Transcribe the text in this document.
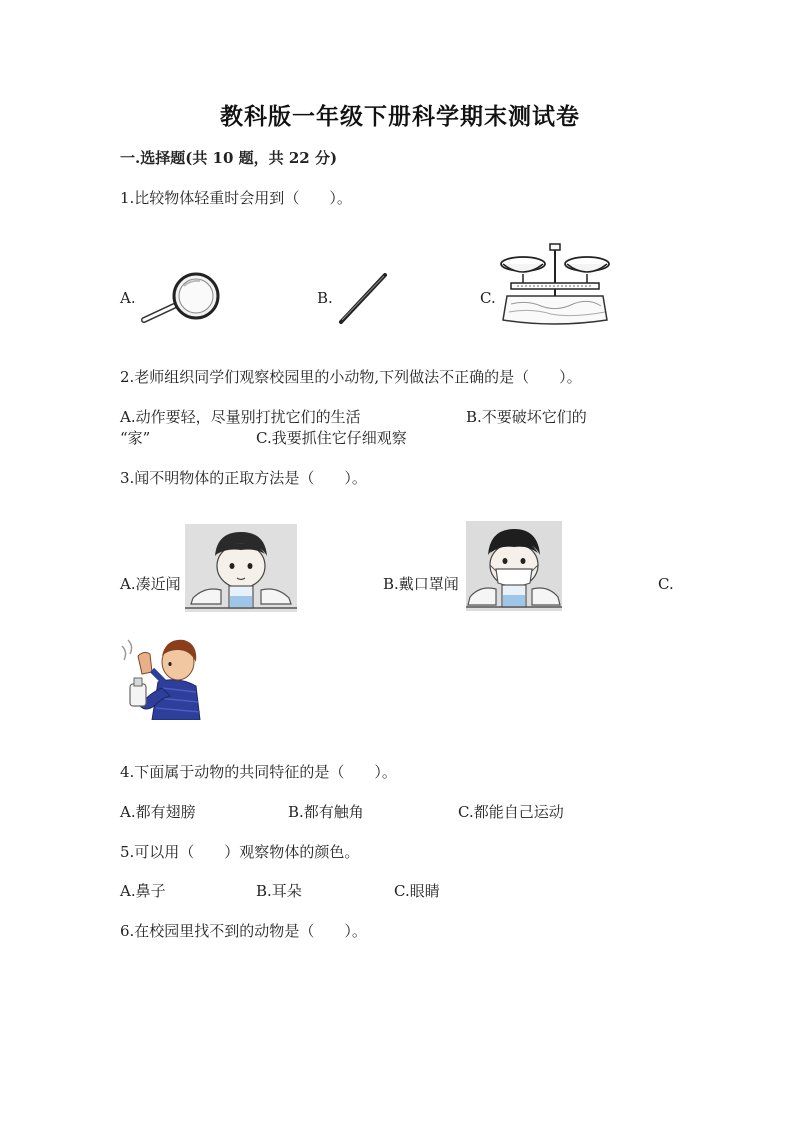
教科版一年级下册科学期末测试卷
一.选择题(共 10 题，共 22 分)
1.比较物体轻重时会用到（　　）。
A.	B.	C.
2.老师组织同学们观察校园里的小动物,下列做法不正确的是（　　）。
A.动作要轻，尽量别打扰它们的生活	B.不要破坏它们的
“家”	C.我要抓住它仔细观察
3.闻不明物体的正取方法是（　　）。
A.凑近闻	B.戴口罩闻	C.
4.下面属于动物的共同特征的是（　　）。
A.都有翅膀	B.都有触角	C.都能自己运动
5.可以用（　　）观察物体的颜色。
A.鼻子	B.耳朵	C.眼睛
6.在校园里找不到的动物是（　　）。
